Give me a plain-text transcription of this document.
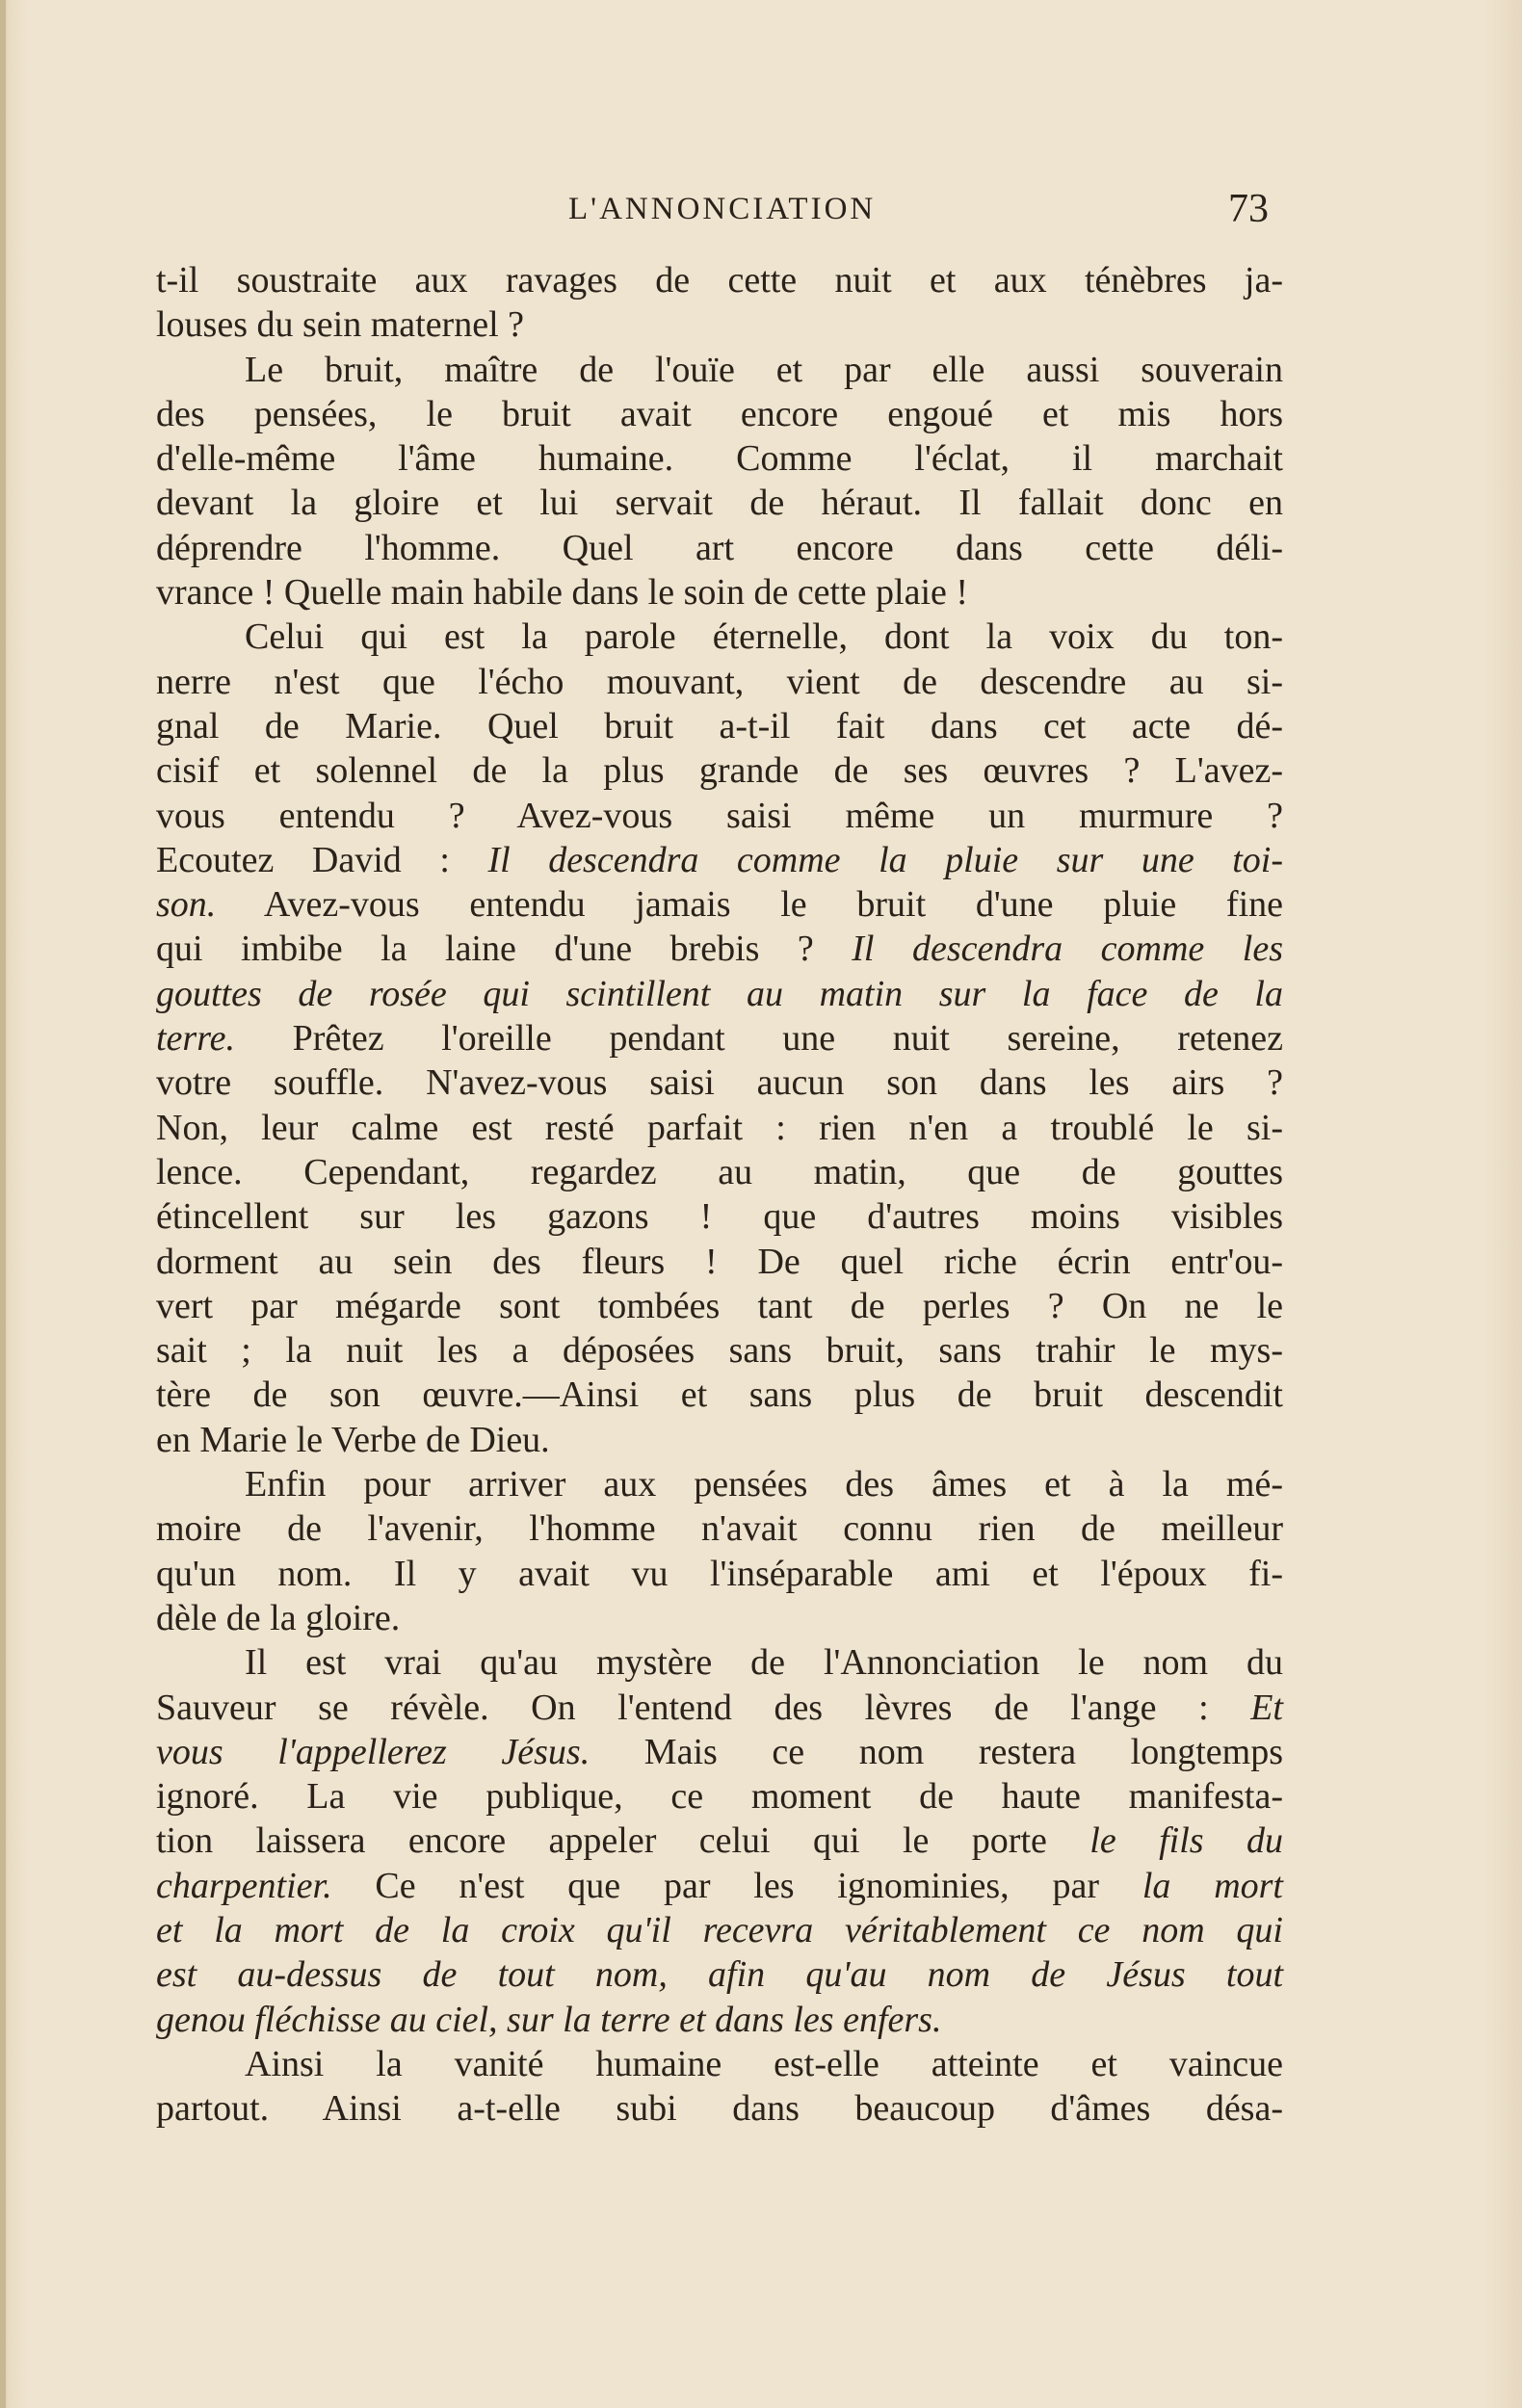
L'ANNONCIATION	73
t-il soustraite aux ravages de cette nuit et aux ténèbres ja-
louses du sein maternel ?
Le bruit, maître de l'ouïe et par elle aussi souverain
des pensées, le bruit avait encore engoué et mis hors
d'elle-même l'âme humaine. Comme l'éclat, il marchait
devant la gloire et lui servait de héraut. Il fallait donc en
déprendre l'homme. Quel art encore dans cette déli-
vrance ! Quelle main habile dans le soin de cette plaie !
Celui qui est la parole éternelle, dont la voix du ton-
nerre n'est que l'écho mouvant, vient de descendre au si-
gnal de Marie. Quel bruit a-t-il fait dans cet acte dé-
cisif et solennel de la plus grande de ses œuvres ? L'avez-
vous entendu ? Avez-vous saisi même un murmure ?
Ecoutez David : Il descendra comme la pluie sur une toi-
son. Avez-vous entendu jamais le bruit d'une pluie fine
qui imbibe la laine d'une brebis ? Il descendra comme les
gouttes de rosée qui scintillent au matin sur la face de la
terre. Prêtez l'oreille pendant une nuit sereine, retenez
votre souffle. N'avez-vous saisi aucun son dans les airs ?
Non, leur calme est resté parfait : rien n'en a troublé le si-
lence. Cependant, regardez au matin, que de gouttes
étincellent sur les gazons ! que d'autres moins visibles
dorment au sein des fleurs ! De quel riche écrin entr'ou-
vert par mégarde sont tombées tant de perles ? On ne le
sait ; la nuit les a déposées sans bruit, sans trahir le mys-
tère de son œuvre.—Ainsi et sans plus de bruit descendit
en Marie le Verbe de Dieu.
Enfin pour arriver aux pensées des âmes et à la mé-
moire de l'avenir, l'homme n'avait connu rien de meilleur
qu'un nom. Il y avait vu l'inséparable ami et l'époux fi-
dèle de la gloire.
Il est vrai qu'au mystère de l'Annonciation le nom du
Sauveur se révèle. On l'entend des lèvres de l'ange : Et
vous l'appellerez Jésus. Mais ce nom restera longtemps
ignoré. La vie publique, ce moment de haute manifesta-
tion laissera encore appeler celui qui le porte le fils du
charpentier. Ce n'est que par les ignominies, par la mort
et la mort de la croix qu'il recevra véritablement ce nom qui
est au-dessus de tout nom, afin qu'au nom de Jésus tout
genou fléchisse au ciel, sur la terre et dans les enfers.
Ainsi la vanité humaine est-elle atteinte et vaincue
partout. Ainsi a-t-elle subi dans beaucoup d'âmes désa-
